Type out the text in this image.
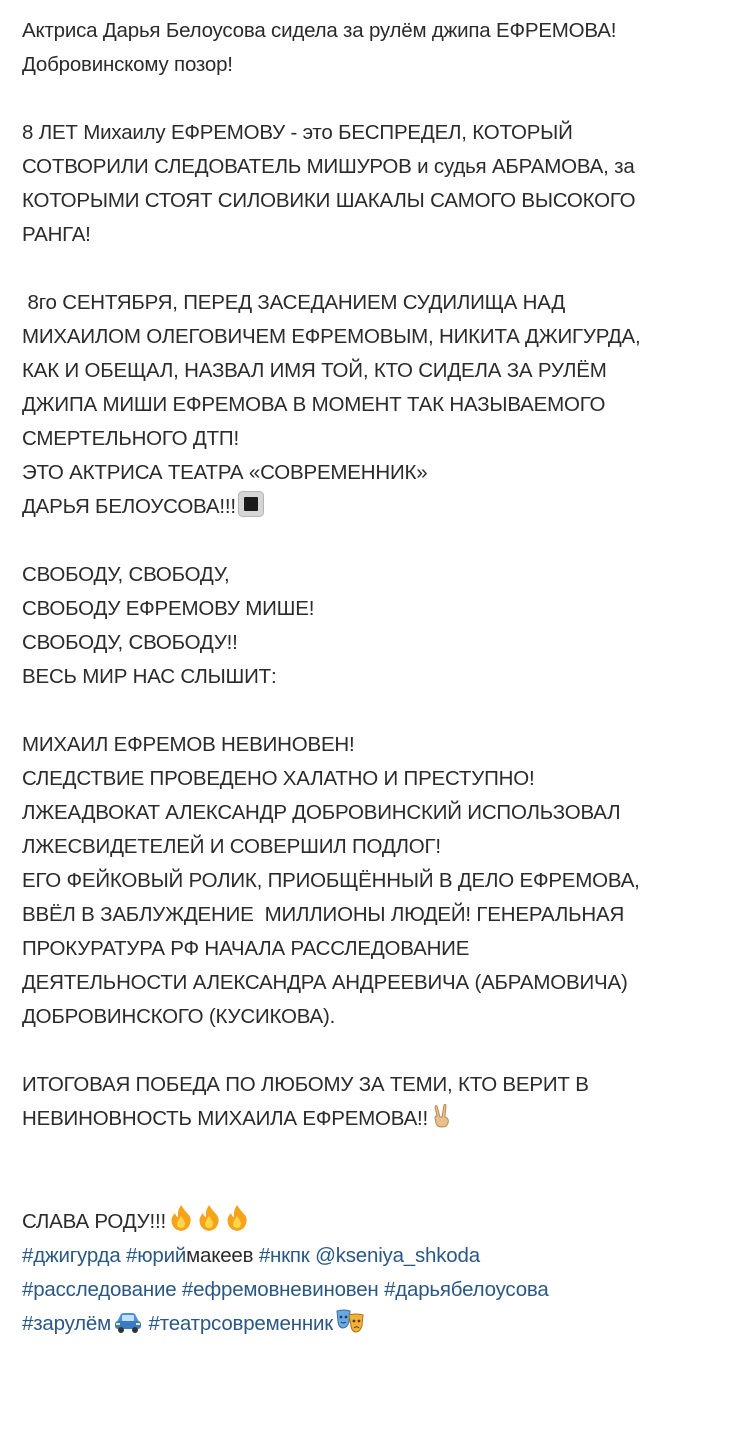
Актриса Дарья Белоусова сидела за рулём джипа ЕФРЕМОВА!
Добровинскому позор!
8 ЛЕТ Михаилу ЕФРЕМОВУ - это БЕСПРЕДЕЛ, КОТОРЫЙ
СОТВОРИЛИ СЛЕДОВАТЕЛЬ МИШУРОВ и судья АБРАМОВА, за
КОТОРЫМИ СТОЯТ СИЛОВИКИ ШАКАЛЫ САМОГО ВЫСОКОГО
РАНГА!
8го СЕНТЯБРЯ, ПЕРЕД ЗАСЕДАНИЕМ СУДИЛИЩА НАД
МИХАИЛОМ ОЛЕГОВИЧЕМ ЕФРЕМОВЫМ, НИКИТА ДЖИГУРДА,
КАК И ОБЕЩАЛ, НАЗВАЛ ИМЯ ТОЙ, КТО СИДЕЛА ЗА РУЛЁМ
ДЖИПА МИШИ ЕФРЕМОВА В МОМЕНТ ТАК НАЗЫВАЕМОГО
СМЕРТЕЛЬНОГО ДТП!
ЭТО АКТРИСА ТЕАТРА «СОВРЕМЕННИК»
ДАРЬЯ БЕЛОУСОВА!!!
СВОБОДУ, СВОБОДУ,
СВОБОДУ ЕФРЕМОВУ МИШЕ!
СВОБОДУ, СВОБОДУ!!
ВЕСЬ МИР НАС СЛЫШИТ:
МИХАИЛ ЕФРЕМОВ НЕВИНОВЕН!
СЛЕДСТВИЕ ПРОВЕДЕНО ХАЛАТНО И ПРЕСТУПНО!
ЛЖЕАДВОКАТ АЛЕКСАНДР ДОБРОВИНСКИЙ ИСПОЛЬЗОВАЛ
ЛЖЕСВИДЕТЕЛЕЙ И СОВЕРШИЛ ПОДЛОГ!
ЕГО ФЕЙКОВЫЙ РОЛИК, ПРИОБЩЁННЫЙ В ДЕЛО ЕФРЕМОВА,
ВВЁЛ В ЗАБЛУЖДЕНИЕ  МИЛЛИОНЫ ЛЮДЕЙ! ГЕНЕРАЛЬНАЯ
ПРОКУРАТУРА РФ НАЧАЛА РАССЛЕДОВАНИЕ
ДЕЯТЕЛЬНОСТИ АЛЕКСАНДРА АНДРЕЕВИЧА (АБРАМОВИЧА)
ДОБРОВИНСКОГО (КУСИКОВА).
ИТОГОВАЯ ПОБЕДА ПО ЛЮБОМУ ЗА ТЕМИ, КТО ВЕРИТ В
НЕВИНОВНОСТЬ МИХАИЛА ЕФРЕМОВА!!
СЛАВА РОДУ!!!
#джигурда #юриймакеев #нкпк @kseniya_shkoda
#расследование #ефремовневиновен #дарьябелоусова
#зарулём #театрсовременник
